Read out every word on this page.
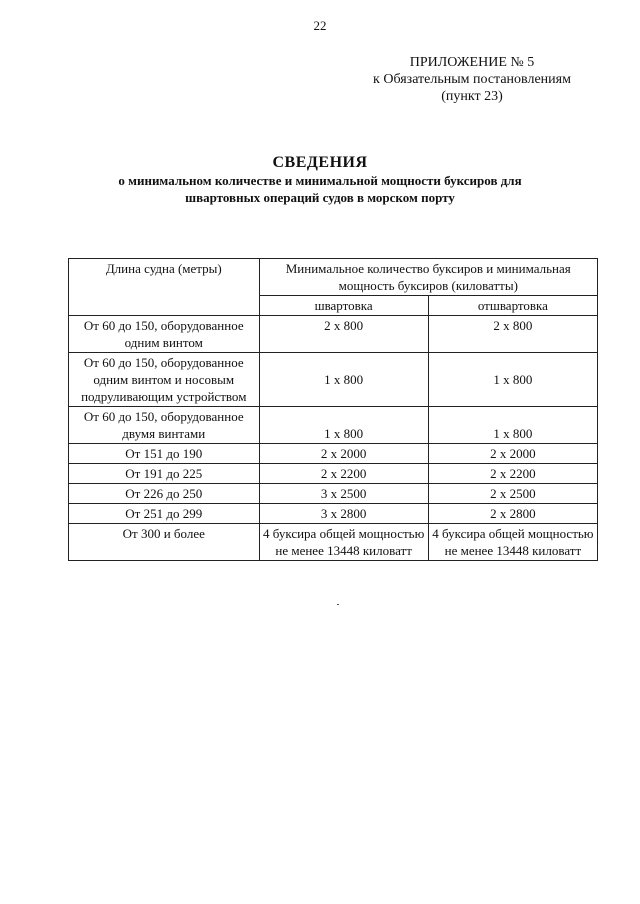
22
ПРИЛОЖЕНИЕ № 5
к Обязательным постановлениям
(пункт 23)
СВЕДЕНИЯ
о минимальном количестве и минимальной мощности буксиров для
швартовных операций судов в морском порту
Длина судна (метры)	Минимальное количество буксиров и минимальная мощность буксиров (киловатты)	
	швартовка	отшвартовка
От 60 до 150, оборудованное одним винтом	2 х 800	2 х 800
От 60 до 150, оборудованное одним винтом и носовым подруливающим устройством	1 х 800	1 х 800
От 60 до 150, оборудованное двумя винтами	1 х 800	1 х 800
От 151 до 190	2 х 2000	2 х 2000
От 191 до 225	2 х 2200	2 х 2200
От 226 до 250	3 х 2500	2 х 2500
От 251 до 299	3 х 2800	2 х 2800
От 300 и более	4 буксира общей мощностью не менее 13448 киловатт	4 буксира общей мощностью не менее 13448 киловатт
